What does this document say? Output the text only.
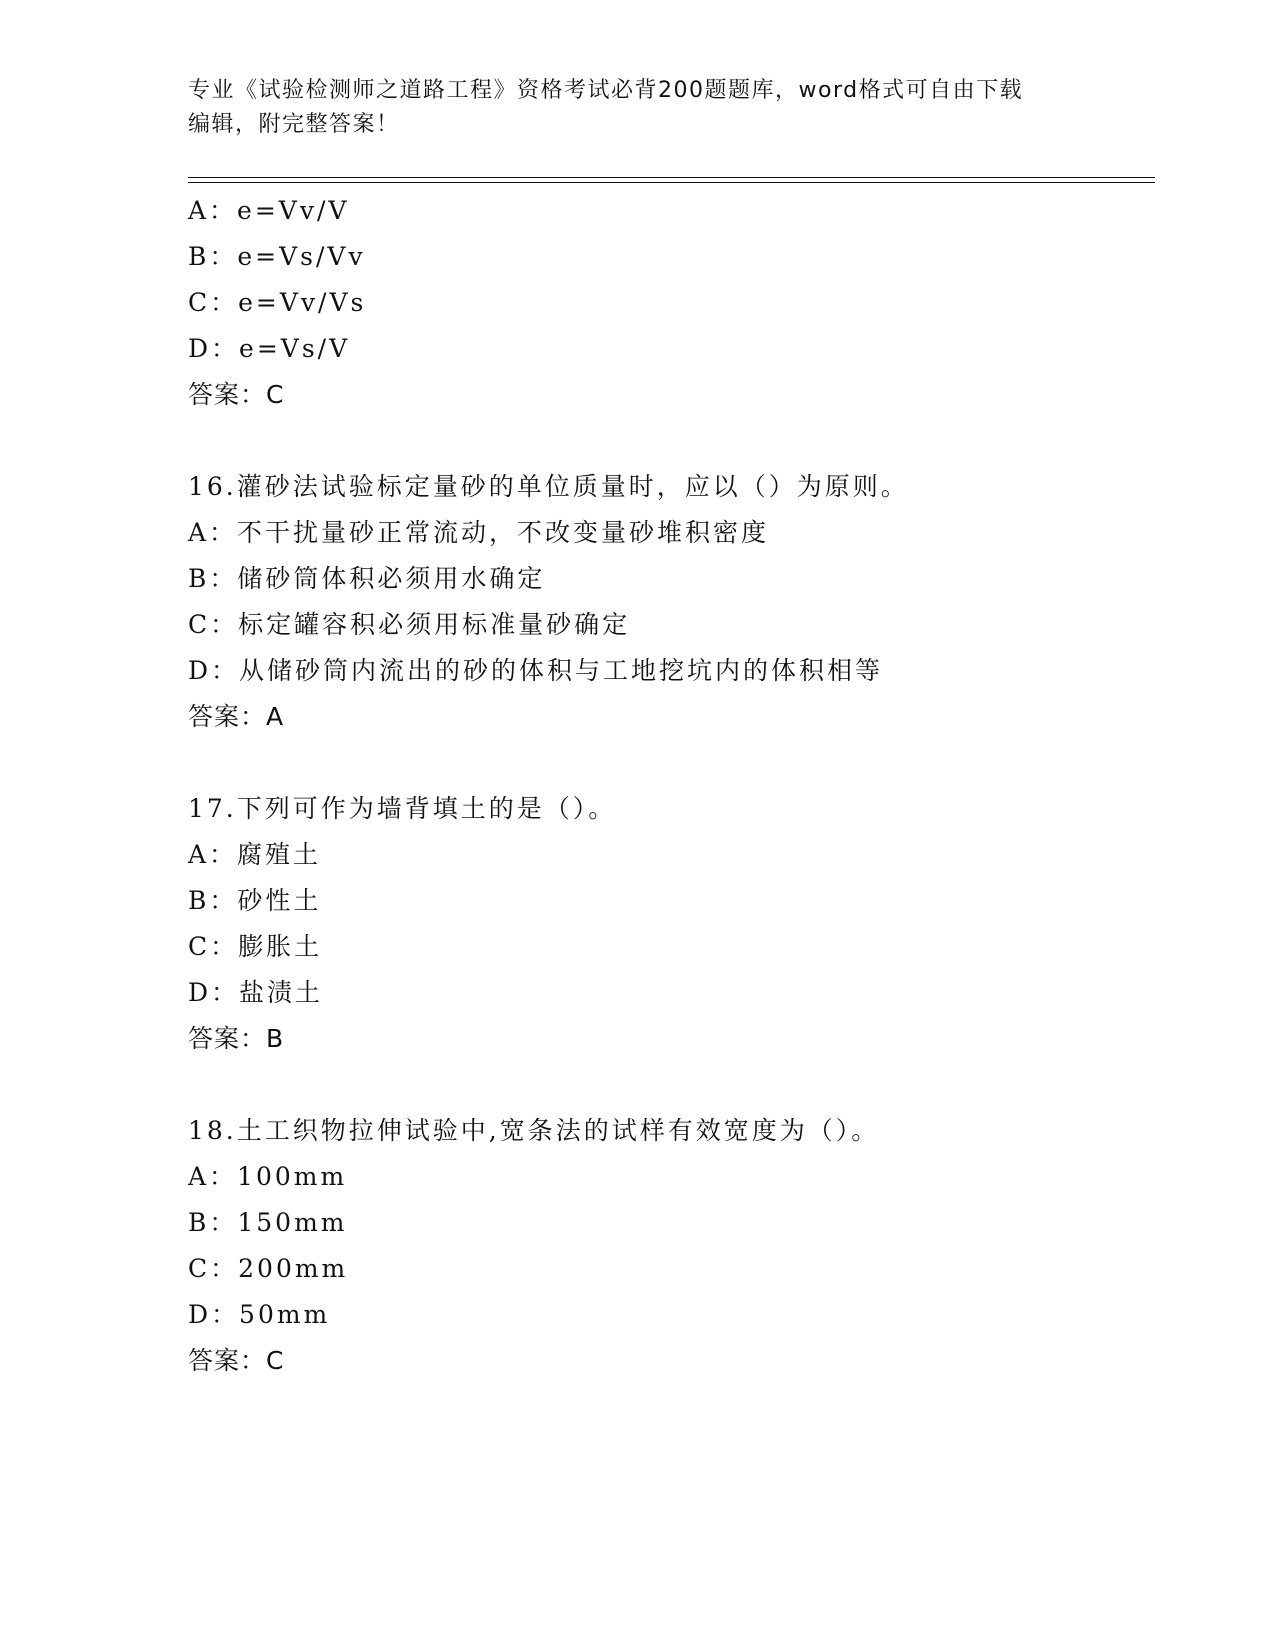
专业《试验检测师之道路工程》资格考试必背200题题库，word格式可自由下载
编辑，附完整答案！
A：e=Vv/V
B：e=Vs/Vv
C：e=Vv/Vs
D：e=Vs/V
答案：C
16.灌砂法试验标定量砂的单位质量时，应以（）为原则。
A：不干扰量砂正常流动，不改变量砂堆积密度
B：储砂筒体积必须用水确定
C：标定罐容积必须用标准量砂确定
D：从储砂筒内流出的砂的体积与工地挖坑内的体积相等
答案：A
17.下列可作为墙背填土的是（）。
A：腐殖土
B：砂性土
C：膨胀土
D：盐渍土
答案：B
18.土工织物拉伸试验中,宽条法的试样有效宽度为（）。
A：100mm
B：150mm
C：200mm
D：50mm
答案：C
